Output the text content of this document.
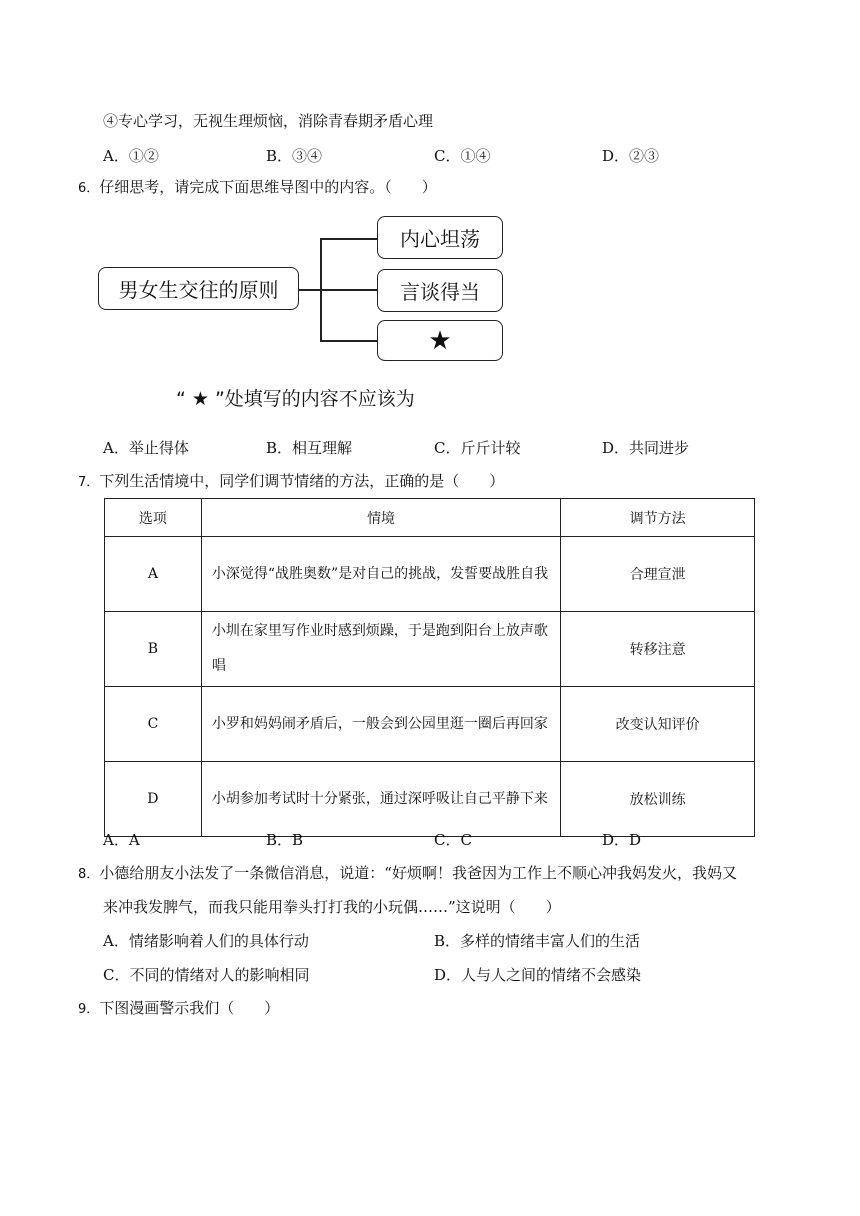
④专心学习，无视生理烦恼，消除青春期矛盾心理
A．①②	B．③④	C．①④	D．②③
6．仔细思考，请完成下面思维导图中的内容。（　　）
男女生交往的原则
内心坦荡
言谈得当
★
“ ★ ”处填写的内容不应该为
A．举止得体	B．相互理解	C．斤斤计较	D．共同进步
7．下列生活情境中，同学们调节情绪的方法，正确的是（　　）
选项	情境	调节方法
A	小深觉得“战胜奥数”是对自己的挑战，发誓要战胜自我	合理宣泄
B	小圳在家里写作业时感到烦躁，于是跑到阳台上放声歌唱	转移注意
C	小罗和妈妈闹矛盾后，一般会到公园里逛一圈后再回家	改变认知评价
D	小胡参加考试时十分紧张，通过深呼吸让自己平静下来	放松训练
A．A	B．B	C．C	D．D
8．小德给朋友小法发了一条微信消息，说道：“好烦啊！我爸因为工作上不顺心冲我妈发火，我妈又
来冲我发脾气，而我只能用拳头打打我的小玩偶……”这说明（　　）
A．情绪影响着人们的具体行动	B．多样的情绪丰富人们的生活
C．不同的情绪对人的影响相同	D．人与人之间的情绪不会感染
9．下图漫画警示我们（　　）
